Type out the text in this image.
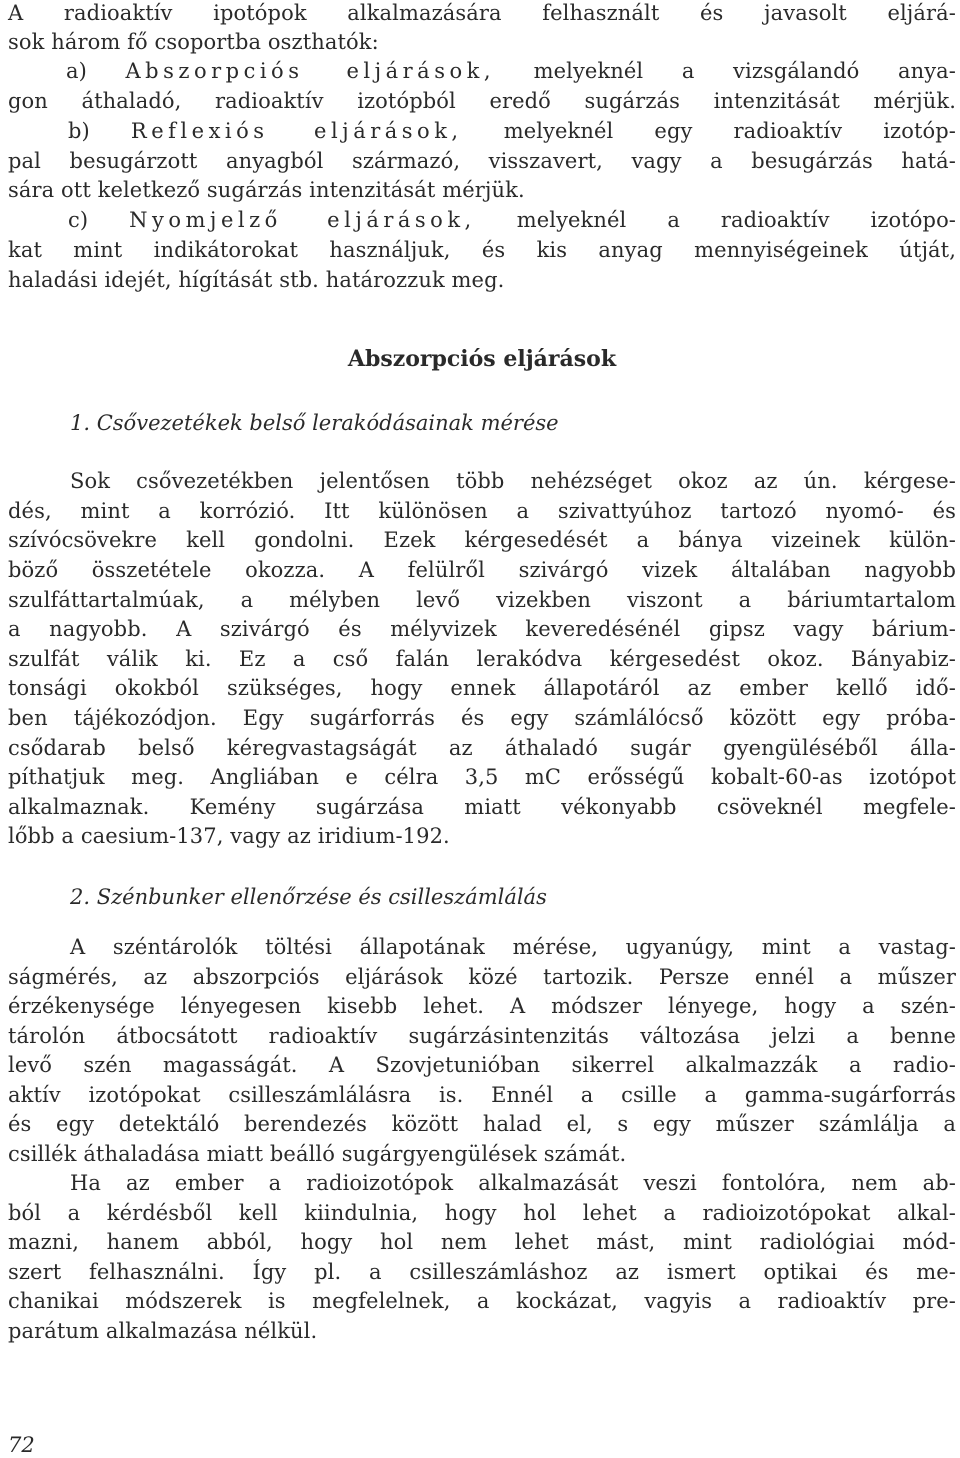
A radioaktív ipotópok alkalmazására felhasznált és javasolt eljárá-
sok három fő csoportba oszthatók:
a) Abszorpciós eljárások, melyeknél a vizsgálandó anya-
gon áthaladó, radioaktív izotópból eredő sugárzás intenzitását mérjük.
b) Reflexiós eljárások, melyeknél egy radioaktív izotóp-
pal besugárzott anyagból származó, visszavert, vagy a besugárzás hatá-
sára ott keletkező sugárzás intenzitását mérjük.
c) Nyomjelző eljárások, melyeknél a radioaktív izotópo-
kat mint indikátorokat használjuk, és kis anyag mennyiségeinek útját,
haladási idejét, hígítását stb. határozzuk meg.
Abszorpciós eljárások
1. Csővezetékek belső lerakódásainak mérése
Sok csővezetékben jelentősen több nehézséget okoz az ún. kérgese-
dés, mint a korrózió. Itt különösen a szivattyúhoz tartozó nyomó- és
szívócsövekre kell gondolni. Ezek kérgesedését a bánya vizeinek külön-
böző összetétele okozza. A felülről szivárgó vizek általában nagyobb
szulfáttartalmúak, a mélyben levő vizekben viszont a báriumtartalom
a nagyobb. A szivárgó és mélyvizek keveredésénél gipsz vagy bárium-
szulfát válik ki. Ez a cső falán lerakódva kérgesedést okoz. Bányabiz-
tonsági okokból szükséges, hogy ennek állapotáról az ember kellő idő-
ben tájékozódjon. Egy sugárforrás és egy számlálócső között egy próba-
csődarab belső kéregvastagságát az áthaladó sugár gyengüléséből álla-
píthatjuk meg. Angliában e célra 3,5 mC erősségű kobalt-60-as izotópot
alkalmaznak. Kemény sugárzása miatt vékonyabb csöveknél megfele-
lőbb a caesium-137, vagy az iridium-192.
2. Szénbunker ellenőrzése és csilleszámlálás
A széntárolók töltési állapotának mérése, ugyanúgy, mint a vastag-
ságmérés, az abszorpciós eljárások közé tartozik. Persze ennél a műszer
érzékenysége lényegesen kisebb lehet. A módszer lényege, hogy a szén-
tárolón átbocsátott radioaktív sugárzásintenzitás változása jelzi a benne
levő szén magasságát. A Szovjetunióban sikerrel alkalmazzák a radio-
aktív izotópokat csilleszámlálásra is. Ennél a csille a gamma-sugárforrás
és egy detektáló berendezés között halad el, s egy műszer számlálja a
csillék áthaladása miatt beálló sugárgyengülések számát.
Ha az ember a radioizotópok alkalmazását veszi fontolóra, nem ab-
ból a kérdésből kell kiindulnia, hogy hol lehet a radioizotópokat alkal-
mazni, hanem abból, hogy hol nem lehet mást, mint radiológiai mód-
szert felhasználni. Így pl. a csilleszámláshoz az ismert optikai és me-
chanikai módszerek is megfelelnek, a kockázat, vagyis a radioaktív pre-
parátum alkalmazása nélkül.
72
